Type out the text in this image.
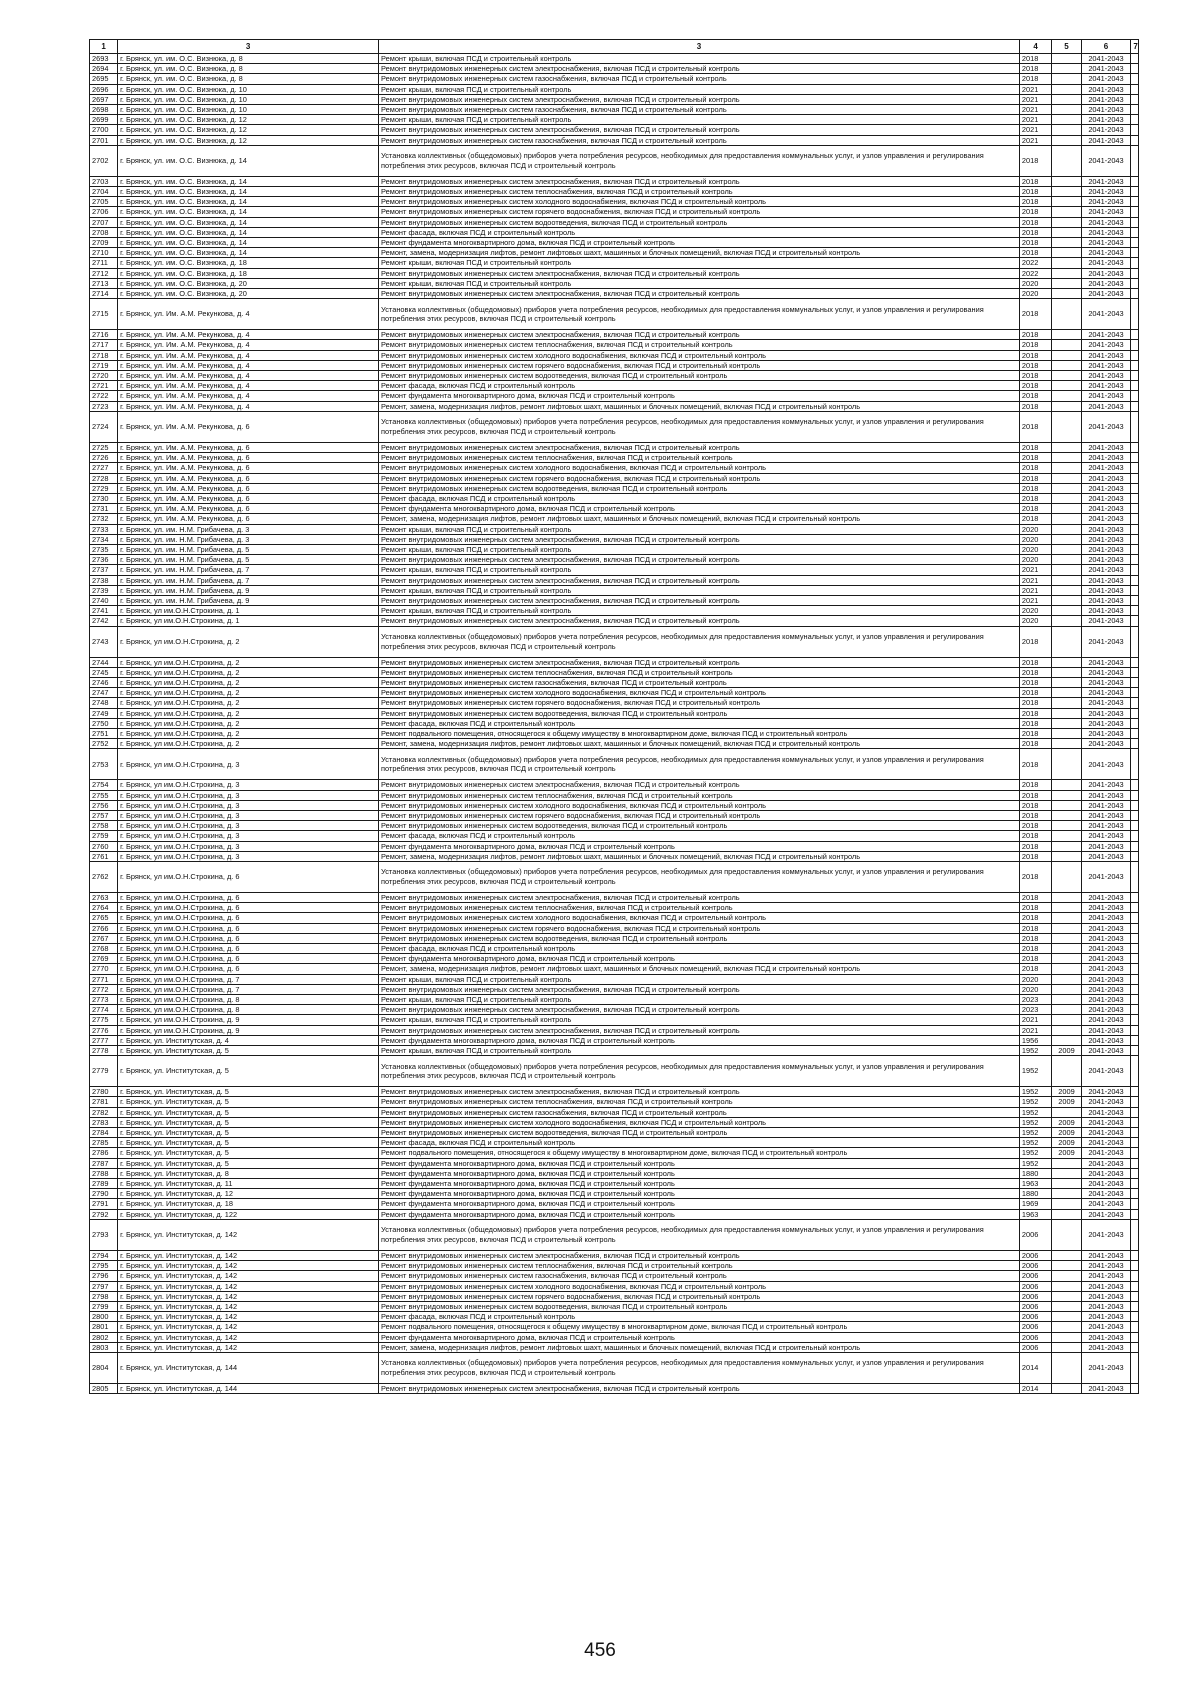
1	3	3	4	5	6	7
2693	г. Брянск, ул. им. О.С. Визнюка, д. 8	Ремонт крыши, включая ПСД и строительный контроль	2018		2041-2043	
2694	г. Брянск, ул. им. О.С. Визнюка, д. 8	Ремонт внутридомовых инженерных систем электроснабжения, включая ПСД и строительный контроль	2018		2041-2043	
2695	г. Брянск, ул. им. О.С. Визнюка, д. 8	Ремонт внутридомовых инженерных систем газоснабжения, включая ПСД и строительный контроль	2018		2041-2043	
2696	г. Брянск, ул. им. О.С. Визнюка, д. 10	Ремонт крыши, включая ПСД и строительный контроль	2021		2041-2043	
2697	г. Брянск, ул. им. О.С. Визнюка, д. 10	Ремонт внутридомовых инженерных систем электроснабжения, включая ПСД и строительный контроль	2021		2041-2043	
2698	г. Брянск, ул. им. О.С. Визнюка, д. 10	Ремонт внутридомовых инженерных систем газоснабжения, включая ПСД и строительный контроль	2021		2041-2043	
2699	г. Брянск, ул. им. О.С. Визнюка, д. 12	Ремонт крыши, включая ПСД и строительный контроль	2021		2041-2043	
2700	г. Брянск, ул. им. О.С. Визнюка, д. 12	Ремонт внутридомовых инженерных систем электроснабжения, включая ПСД и строительный контроль	2021		2041-2043	
2701	г. Брянск, ул. им. О.С. Визнюка, д. 12	Ремонт внутридомовых инженерных систем газоснабжения, включая ПСД и строительный контроль	2021		2041-2043	
2702	г. Брянск, ул. им. О.С. Визнюка, д. 14	Установка коллективных (общедомовых) приборов учета потребления ресурсов, необходимых для предоставления коммунальных услуг, и узлов управления и регулирования потребления этих ресурсов, включая ПСД и строительный контроль	2018		2041-2043	
2703	г. Брянск, ул. им. О.С. Визнюка, д. 14	Ремонт внутридомовых инженерных систем электроснабжения, включая ПСД и строительный контроль	2018		2041-2043	
2704	г. Брянск, ул. им. О.С. Визнюка, д. 14	Ремонт внутридомовых инженерных систем теплоснабжения, включая ПСД и строительный контроль	2018		2041-2043	
2705	г. Брянск, ул. им. О.С. Визнюка, д. 14	Ремонт внутридомовых инженерных систем холодного водоснабжения, включая ПСД и строительный контроль	2018		2041-2043	
2706	г. Брянск, ул. им. О.С. Визнюка, д. 14	Ремонт внутридомовых инженерных систем горячего водоснабжения, включая ПСД и строительный контроль	2018		2041-2043	
2707	г. Брянск, ул. им. О.С. Визнюка, д. 14	Ремонт внутридомовых инженерных систем водоотведения, включая ПСД и строительный контроль	2018		2041-2043	
2708	г. Брянск, ул. им. О.С. Визнюка, д. 14	Ремонт фасада, включая ПСД и строительный контроль	2018		2041-2043	
2709	г. Брянск, ул. им. О.С. Визнюка, д. 14	Ремонт фундамента многоквартирного дома, включая ПСД и строительный контроль	2018		2041-2043	
2710	г. Брянск, ул. им. О.С. Визнюка, д. 14	Ремонт, замена, модернизация лифтов, ремонт лифтовых шахт, машинных и блочных помещений, включая ПСД и строительный контроль	2018		2041-2043	
2711	г. Брянск, ул. им. О.С. Визнюка, д. 18	Ремонт крыши, включая ПСД и строительный контроль	2022		2041-2043	
2712	г. Брянск, ул. им. О.С. Визнюка, д. 18	Ремонт внутридомовых инженерных систем электроснабжения, включая ПСД и строительный контроль	2022		2041-2043	
2713	г. Брянск, ул. им. О.С. Визнюка, д. 20	Ремонт крыши, включая ПСД и строительный контроль	2020		2041-2043	
2714	г. Брянск, ул. им. О.С. Визнюка, д. 20	Ремонт внутридомовых инженерных систем электроснабжения, включая ПСД и строительный контроль	2020		2041-2043	
2715	г. Брянск, ул. Им. А.М. Рекункова, д. 4	Установка коллективных (общедомовых) приборов учета потребления ресурсов, необходимых для предоставления коммунальных услуг, и узлов управления и регулирования потребления этих ресурсов, включая ПСД и строительный контроль	2018		2041-2043	
2716	г. Брянск, ул. Им. А.М. Рекункова, д. 4	Ремонт внутридомовых инженерных систем электроснабжения, включая ПСД и строительный контроль	2018		2041-2043	
2717	г. Брянск, ул. Им. А.М. Рекункова, д. 4	Ремонт внутридомовых инженерных систем теплоснабжения, включая ПСД и строительный контроль	2018		2041-2043	
2718	г. Брянск, ул. Им. А.М. Рекункова, д. 4	Ремонт внутридомовых инженерных систем холодного водоснабжения, включая ПСД и строительный контроль	2018		2041-2043	
2719	г. Брянск, ул. Им. А.М. Рекункова, д. 4	Ремонт внутридомовых инженерных систем горячего водоснабжения, включая ПСД и строительный контроль	2018		2041-2043	
2720	г. Брянск, ул. Им. А.М. Рекункова, д. 4	Ремонт внутридомовых инженерных систем водоотведения, включая ПСД и строительный контроль	2018		2041-2043	
2721	г. Брянск, ул. Им. А.М. Рекункова, д. 4	Ремонт фасада, включая ПСД и строительный контроль	2018		2041-2043	
2722	г. Брянск, ул. Им. А.М. Рекункова, д. 4	Ремонт фундамента многоквартирного дома, включая ПСД и строительный контроль	2018		2041-2043	
2723	г. Брянск, ул. Им. А.М. Рекункова, д. 4	Ремонт, замена, модернизация лифтов, ремонт лифтовых шахт, машинных и блочных помещений, включая ПСД и строительный контроль	2018		2041-2043	
2724	г. Брянск, ул. Им. А.М. Рекункова, д. 6	Установка коллективных (общедомовых) приборов учета потребления ресурсов, необходимых для предоставления коммунальных услуг, и узлов управления и регулирования потребления этих ресурсов, включая ПСД и строительный контроль	2018		2041-2043	
2725	г. Брянск, ул. Им. А.М. Рекункова, д. 6	Ремонт внутридомовых инженерных систем электроснабжения, включая ПСД и строительный контроль	2018		2041-2043	
2726	г. Брянск, ул. Им. А.М. Рекункова, д. 6	Ремонт внутридомовых инженерных систем теплоснабжения, включая ПСД и строительный контроль	2018		2041-2043	
2727	г. Брянск, ул. Им. А.М. Рекункова, д. 6	Ремонт внутридомовых инженерных систем холодного водоснабжения, включая ПСД и строительный контроль	2018		2041-2043	
2728	г. Брянск, ул. Им. А.М. Рекункова, д. 6	Ремонт внутридомовых инженерных систем горячего водоснабжения, включая ПСД и строительный контроль	2018		2041-2043	
2729	г. Брянск, ул. Им. А.М. Рекункова, д. 6	Ремонт внутридомовых инженерных систем водоотведения, включая ПСД и строительный контроль	2018		2041-2043	
2730	г. Брянск, ул. Им. А.М. Рекункова, д. 6	Ремонт фасада, включая ПСД и строительный контроль	2018		2041-2043	
2731	г. Брянск, ул. Им. А.М. Рекункова, д. 6	Ремонт фундамента многоквартирного дома, включая ПСД и строительный контроль	2018		2041-2043	
2732	г. Брянск, ул. Им. А.М. Рекункова, д. 6	Ремонт, замена, модернизация лифтов, ремонт лифтовых шахт, машинных и блочных помещений, включая ПСД и строительный контроль	2018		2041-2043	
2733	г. Брянск, ул. им. Н.М. Грибачева, д. 3	Ремонт крыши, включая ПСД и строительный контроль	2020		2041-2043	
2734	г. Брянск, ул. им. Н.М. Грибачева, д. 3	Ремонт внутридомовых инженерных систем электроснабжения, включая ПСД и строительный контроль	2020		2041-2043	
2735	г. Брянск, ул. им. Н.М. Грибачева, д. 5	Ремонт крыши, включая ПСД и строительный контроль	2020		2041-2043	
2736	г. Брянск, ул. им. Н.М. Грибачева, д. 5	Ремонт внутридомовых инженерных систем электроснабжения, включая ПСД и строительный контроль	2020		2041-2043	
2737	г. Брянск, ул. им. Н.М. Грибачева, д. 7	Ремонт крыши, включая ПСД и строительный контроль	2021		2041-2043	
2738	г. Брянск, ул. им. Н.М. Грибачева, д. 7	Ремонт внутридомовых инженерных систем электроснабжения, включая ПСД и строительный контроль	2021		2041-2043	
2739	г. Брянск, ул. им. Н.М. Грибачева, д. 9	Ремонт крыши, включая ПСД и строительный контроль	2021		2041-2043	
2740	г. Брянск, ул. им. Н.М. Грибачева, д. 9	Ремонт внутридомовых инженерных систем электроснабжения, включая ПСД и строительный контроль	2021		2041-2043	
2741	г. Брянск, ул им.О.Н.Строкина, д. 1	Ремонт крыши, включая ПСД и строительный контроль	2020		2041-2043	
2742	г. Брянск, ул им.О.Н.Строкина, д. 1	Ремонт внутридомовых инженерных систем электроснабжения, включая ПСД и строительный контроль	2020		2041-2043	
2743	г. Брянск, ул им.О.Н.Строкина, д. 2	Установка коллективных (общедомовых) приборов учета потребления ресурсов, необходимых для предоставления коммунальных услуг, и узлов управления и регулирования потребления этих ресурсов, включая ПСД и строительный контроль	2018		2041-2043	
2744	г. Брянск, ул им.О.Н.Строкина, д. 2	Ремонт внутридомовых инженерных систем электроснабжения, включая ПСД и строительный контроль	2018		2041-2043	
2745	г. Брянск, ул им.О.Н.Строкина, д. 2	Ремонт внутридомовых инженерных систем теплоснабжения, включая ПСД и строительный контроль	2018		2041-2043	
2746	г. Брянск, ул им.О.Н.Строкина, д. 2	Ремонт внутридомовых инженерных систем газоснабжения, включая ПСД и строительный контроль	2018		2041-2043	
2747	г. Брянск, ул им.О.Н.Строкина, д. 2	Ремонт внутридомовых инженерных систем холодного водоснабжения, включая ПСД и строительный контроль	2018		2041-2043	
2748	г. Брянск, ул им.О.Н.Строкина, д. 2	Ремонт внутридомовых инженерных систем горячего водоснабжения, включая ПСД и строительный контроль	2018		2041-2043	
2749	г. Брянск, ул им.О.Н.Строкина, д. 2	Ремонт внутридомовых инженерных систем водоотведения, включая ПСД и строительный контроль	2018		2041-2043	
2750	г. Брянск, ул им.О.Н.Строкина, д. 2	Ремонт фасада, включая ПСД и строительный контроль	2018		2041-2043	
2751	г. Брянск, ул им.О.Н.Строкина, д. 2	Ремонт подвального помещения, относящегося к общему имуществу в многоквартирном доме, включая ПСД и строительный контроль	2018		2041-2043	
2752	г. Брянск, ул им.О.Н.Строкина, д. 2	Ремонт, замена, модернизация лифтов, ремонт лифтовых шахт, машинных и блочных помещений, включая ПСД и строительный контроль	2018		2041-2043	
2753	г. Брянск, ул им.О.Н.Строкина, д. 3	Установка коллективных (общедомовых) приборов учета потребления ресурсов, необходимых для предоставления коммунальных услуг, и узлов управления и регулирования потребления этих ресурсов, включая ПСД и строительный контроль	2018		2041-2043	
2754	г. Брянск, ул им.О.Н.Строкина, д. 3	Ремонт внутридомовых инженерных систем электроснабжения, включая ПСД и строительный контроль	2018		2041-2043	
2755	г. Брянск, ул им.О.Н.Строкина, д. 3	Ремонт внутридомовых инженерных систем теплоснабжения, включая ПСД и строительный контроль	2018		2041-2043	
2756	г. Брянск, ул им.О.Н.Строкина, д. 3	Ремонт внутридомовых инженерных систем холодного водоснабжения, включая ПСД и строительный контроль	2018		2041-2043	
2757	г. Брянск, ул им.О.Н.Строкина, д. 3	Ремонт внутридомовых инженерных систем горячего водоснабжения, включая ПСД и строительный контроль	2018		2041-2043	
2758	г. Брянск, ул им.О.Н.Строкина, д. 3	Ремонт внутридомовых инженерных систем водоотведения, включая ПСД и строительный контроль	2018		2041-2043	
2759	г. Брянск, ул им.О.Н.Строкина, д. 3	Ремонт фасада, включая ПСД и строительный контроль	2018		2041-2043	
2760	г. Брянск, ул им.О.Н.Строкина, д. 3	Ремонт фундамента многоквартирного дома, включая ПСД и строительный контроль	2018		2041-2043	
2761	г. Брянск, ул им.О.Н.Строкина, д. 3	Ремонт, замена, модернизация лифтов, ремонт лифтовых шахт, машинных и блочных помещений, включая ПСД и строительный контроль	2018		2041-2043	
2762	г. Брянск, ул им.О.Н.Строкина, д. 6	Установка коллективных (общедомовых) приборов учета потребления ресурсов, необходимых для предоставления коммунальных услуг, и узлов управления и регулирования потребления этих ресурсов, включая ПСД и строительный контроль	2018		2041-2043	
2763	г. Брянск, ул им.О.Н.Строкина, д. 6	Ремонт внутридомовых инженерных систем электроснабжения, включая ПСД и строительный контроль	2018		2041-2043	
2764	г. Брянск, ул им.О.Н.Строкина, д. 6	Ремонт внутридомовых инженерных систем теплоснабжения, включая ПСД и строительный контроль	2018		2041-2043	
2765	г. Брянск, ул им.О.Н.Строкина, д. 6	Ремонт внутридомовых инженерных систем холодного водоснабжения, включая ПСД и строительный контроль	2018		2041-2043	
2766	г. Брянск, ул им.О.Н.Строкина, д. 6	Ремонт внутридомовых инженерных систем горячего водоснабжения, включая ПСД и строительный контроль	2018		2041-2043	
2767	г. Брянск, ул им.О.Н.Строкина, д. 6	Ремонт внутридомовых инженерных систем водоотведения, включая ПСД и строительный контроль	2018		2041-2043	
2768	г. Брянск, ул им.О.Н.Строкина, д. 6	Ремонт фасада, включая ПСД и строительный контроль	2018		2041-2043	
2769	г. Брянск, ул им.О.Н.Строкина, д. 6	Ремонт фундамента многоквартирного дома, включая ПСД и строительный контроль	2018		2041-2043	
2770	г. Брянск, ул им.О.Н.Строкина, д. 6	Ремонт, замена, модернизация лифтов, ремонт лифтовых шахт, машинных и блочных помещений, включая ПСД и строительный контроль	2018		2041-2043	
2771	г. Брянск, ул им.О.Н.Строкина, д. 7	Ремонт крыши, включая ПСД и строительный контроль	2020		2041-2043	
2772	г. Брянск, ул им.О.Н.Строкина, д. 7	Ремонт внутридомовых инженерных систем электроснабжения, включая ПСД и строительный контроль	2020		2041-2043	
2773	г. Брянск, ул им.О.Н.Строкина, д. 8	Ремонт крыши, включая ПСД и строительный контроль	2023		2041-2043	
2774	г. Брянск, ул им.О.Н.Строкина, д. 8	Ремонт внутридомовых инженерных систем электроснабжения, включая ПСД и строительный контроль	2023		2041-2043	
2775	г. Брянск, ул им.О.Н.Строкина, д. 9	Ремонт крыши, включая ПСД и строительный контроль	2021		2041-2043	
2776	г. Брянск, ул им.О.Н.Строкина, д. 9	Ремонт внутридомовых инженерных систем электроснабжения, включая ПСД и строительный контроль	2021		2041-2043	
2777	г. Брянск, ул. Институтская, д. 4	Ремонт фундамента многоквартирного дома, включая ПСД и строительный контроль	1956		2041-2043	
2778	г. Брянск, ул. Институтская, д. 5	Ремонт крыши, включая ПСД и строительный контроль	1952	2009	2041-2043	
2779	г. Брянск, ул. Институтская, д. 5	Установка коллективных (общедомовых) приборов учета потребления ресурсов, необходимых для предоставления коммунальных услуг, и узлов управления и регулирования потребления этих ресурсов, включая ПСД и строительный контроль	1952		2041-2043	
2780	г. Брянск, ул. Институтская, д. 5	Ремонт внутридомовых инженерных систем электроснабжения, включая ПСД и строительный контроль	1952	2009	2041-2043	
2781	г. Брянск, ул. Институтская, д. 5	Ремонт внутридомовых инженерных систем теплоснабжения, включая ПСД и строительный контроль	1952	2009	2041-2043	
2782	г. Брянск, ул. Институтская, д. 5	Ремонт внутридомовых инженерных систем газоснабжения, включая ПСД и строительный контроль	1952		2041-2043	
2783	г. Брянск, ул. Институтская, д. 5	Ремонт внутридомовых инженерных систем холодного водоснабжения, включая ПСД и строительный контроль	1952	2009	2041-2043	
2784	г. Брянск, ул. Институтская, д. 5	Ремонт внутридомовых инженерных систем водоотведения, включая ПСД и строительный контроль	1952	2009	2041-2043	
2785	г. Брянск, ул. Институтская, д. 5	Ремонт фасада, включая ПСД и строительный контроль	1952	2009	2041-2043	
2786	г. Брянск, ул. Институтская, д. 5	Ремонт подвального помещения, относящегося к общему имуществу в многоквартирном доме, включая ПСД и строительный контроль	1952	2009	2041-2043	
2787	г. Брянск, ул. Институтская, д. 5	Ремонт фундамента многоквартирного дома, включая ПСД и строительный контроль	1952		2041-2043	
2788	г. Брянск, ул. Институтская, д. 8	Ремонт фундамента многоквартирного дома, включая ПСД и строительный контроль	1880		2041-2043	
2789	г. Брянск, ул. Институтская, д. 11	Ремонт фундамента многоквартирного дома, включая ПСД и строительный контроль	1963		2041-2043	
2790	г. Брянск, ул. Институтская, д. 12	Ремонт фундамента многоквартирного дома, включая ПСД и строительный контроль	1880		2041-2043	
2791	г. Брянск, ул. Институтская, д. 18	Ремонт фундамента многоквартирного дома, включая ПСД и строительный контроль	1969		2041-2043	
2792	г. Брянск, ул. Институтская, д. 122	Ремонт фундамента многоквартирного дома, включая ПСД и строительный контроль	1963		2041-2043	
2793	г. Брянск, ул. Институтская, д. 142	Установка коллективных (общедомовых) приборов учета потребления ресурсов, необходимых для предоставления коммунальных услуг, и узлов управления и регулирования потребления этих ресурсов, включая ПСД и строительный контроль	2006		2041-2043	
2794	г. Брянск, ул. Институтская, д. 142	Ремонт внутридомовых инженерных систем электроснабжения, включая ПСД и строительный контроль	2006		2041-2043	
2795	г. Брянск, ул. Институтская, д. 142	Ремонт внутридомовых инженерных систем теплоснабжения, включая ПСД и строительный контроль	2006		2041-2043	
2796	г. Брянск, ул. Институтская, д. 142	Ремонт внутридомовых инженерных систем газоснабжения, включая ПСД и строительный контроль	2006		2041-2043	
2797	г. Брянск, ул. Институтская, д. 142	Ремонт внутридомовых инженерных систем холодного водоснабжения, включая ПСД и строительный контроль	2006		2041-2043	
2798	г. Брянск, ул. Институтская, д. 142	Ремонт внутридомовых инженерных систем горячего водоснабжения, включая ПСД и строительный контроль	2006		2041-2043	
2799	г. Брянск, ул. Институтская, д. 142	Ремонт внутридомовых инженерных систем водоотведения, включая ПСД и строительный контроль	2006		2041-2043	
2800	г. Брянск, ул. Институтская, д. 142	Ремонт фасада, включая ПСД и строительный контроль	2006		2041-2043	
2801	г. Брянск, ул. Институтская, д. 142	Ремонт подвального помещения, относящегося к общему имуществу в многоквартирном доме, включая ПСД и строительный контроль	2006		2041-2043	
2802	г. Брянск, ул. Институтская, д. 142	Ремонт фундамента многоквартирного дома, включая ПСД и строительный контроль	2006		2041-2043	
2803	г. Брянск, ул. Институтская, д. 142	Ремонт, замена, модернизация лифтов, ремонт лифтовых шахт, машинных и блочных помещений, включая ПСД и строительный контроль	2006		2041-2043	
2804	г. Брянск, ул. Институтская, д. 144	Установка коллективных (общедомовых) приборов учета потребления ресурсов, необходимых для предоставления коммунальных услуг, и узлов управления и регулирования потребления этих ресурсов, включая ПСД и строительный контроль	2014		2041-2043	
2805	г. Брянск, ул. Институтская, д. 144	Ремонт внутридомовых инженерных систем электроснабжения, включая ПСД и строительный контроль	2014		2041-2043	
456
